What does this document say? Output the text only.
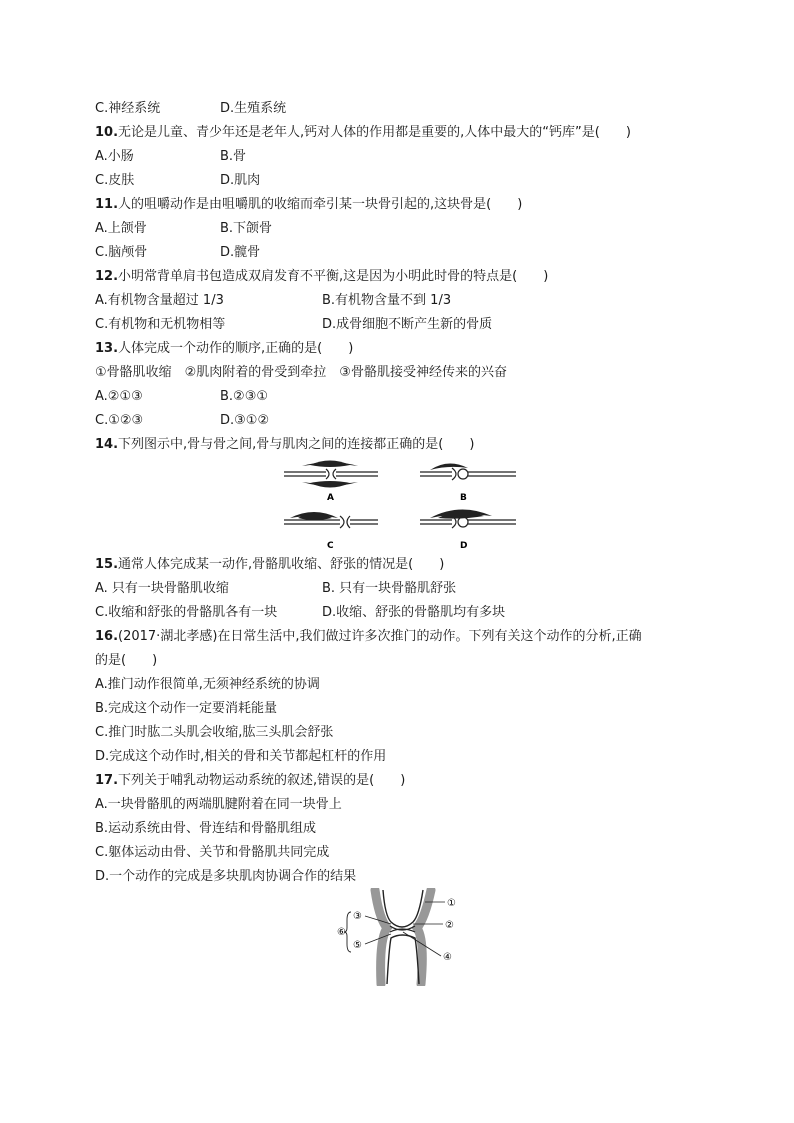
C.神经系统	D.生殖系统
10.无论是儿童、青少年还是老年人,钙对人体的作用都是重要的,人体中最大的“钙库”是(　　)
A.小肠	B.骨
C.皮肤	D.肌肉
11.人的咀嚼动作是由咀嚼肌的收缩而牵引某一块骨引起的,这块骨是(　　)
A.上颌骨	B.下颌骨
C.脑颅骨	D.髋骨
12.小明常背单肩书包造成双肩发育不平衡,这是因为小明此时骨的特点是(　　)
A.有机物含量超过 1/3	B.有机物含量不到 1/3
C.有机物和无机物相等	D.成骨细胞不断产生新的骨质
13.人体完成一个动作的顺序,正确的是(　　)
①骨骼肌收缩　②肌肉附着的骨受到牵拉　③骨骼肌接受神经传来的兴奋
A.②①③	B.②③①
C.①②③	D.③①②
14.下列图示中,骨与骨之间,骨与肌肉之间的连接都正确的是(　　)
A	B
C	D
15.通常人体完成某一动作,骨骼肌收缩、舒张的情况是(　　)
A. 只有一块骨骼肌收缩	B. 只有一块骨骼肌舒张
C.收缩和舒张的骨骼肌各有一块	D.收缩、舒张的骨骼肌均有多块
16.(2017·湖北孝感)在日常生活中,我们做过许多次推门的动作。下列有关这个动作的分析,正确
的是(　　)
A.推门动作很简单,无须神经系统的协调
B.完成这个动作一定要消耗能量
C.推门时肱二头肌会收缩,肱三头肌会舒张
D.完成这个动作时,相关的骨和关节都起杠杆的作用
17.下列关于哺乳动物运动系统的叙述,错误的是(　　)
A.一块骨骼肌的两端肌腱附着在同一块骨上
B.运动系统由骨、骨连结和骨骼肌组成
C.躯体运动由骨、关节和骨骼肌共同完成
D.一个动作的完成是多块肌肉协调合作的结果
①
②
④
③
⑤
⑥
